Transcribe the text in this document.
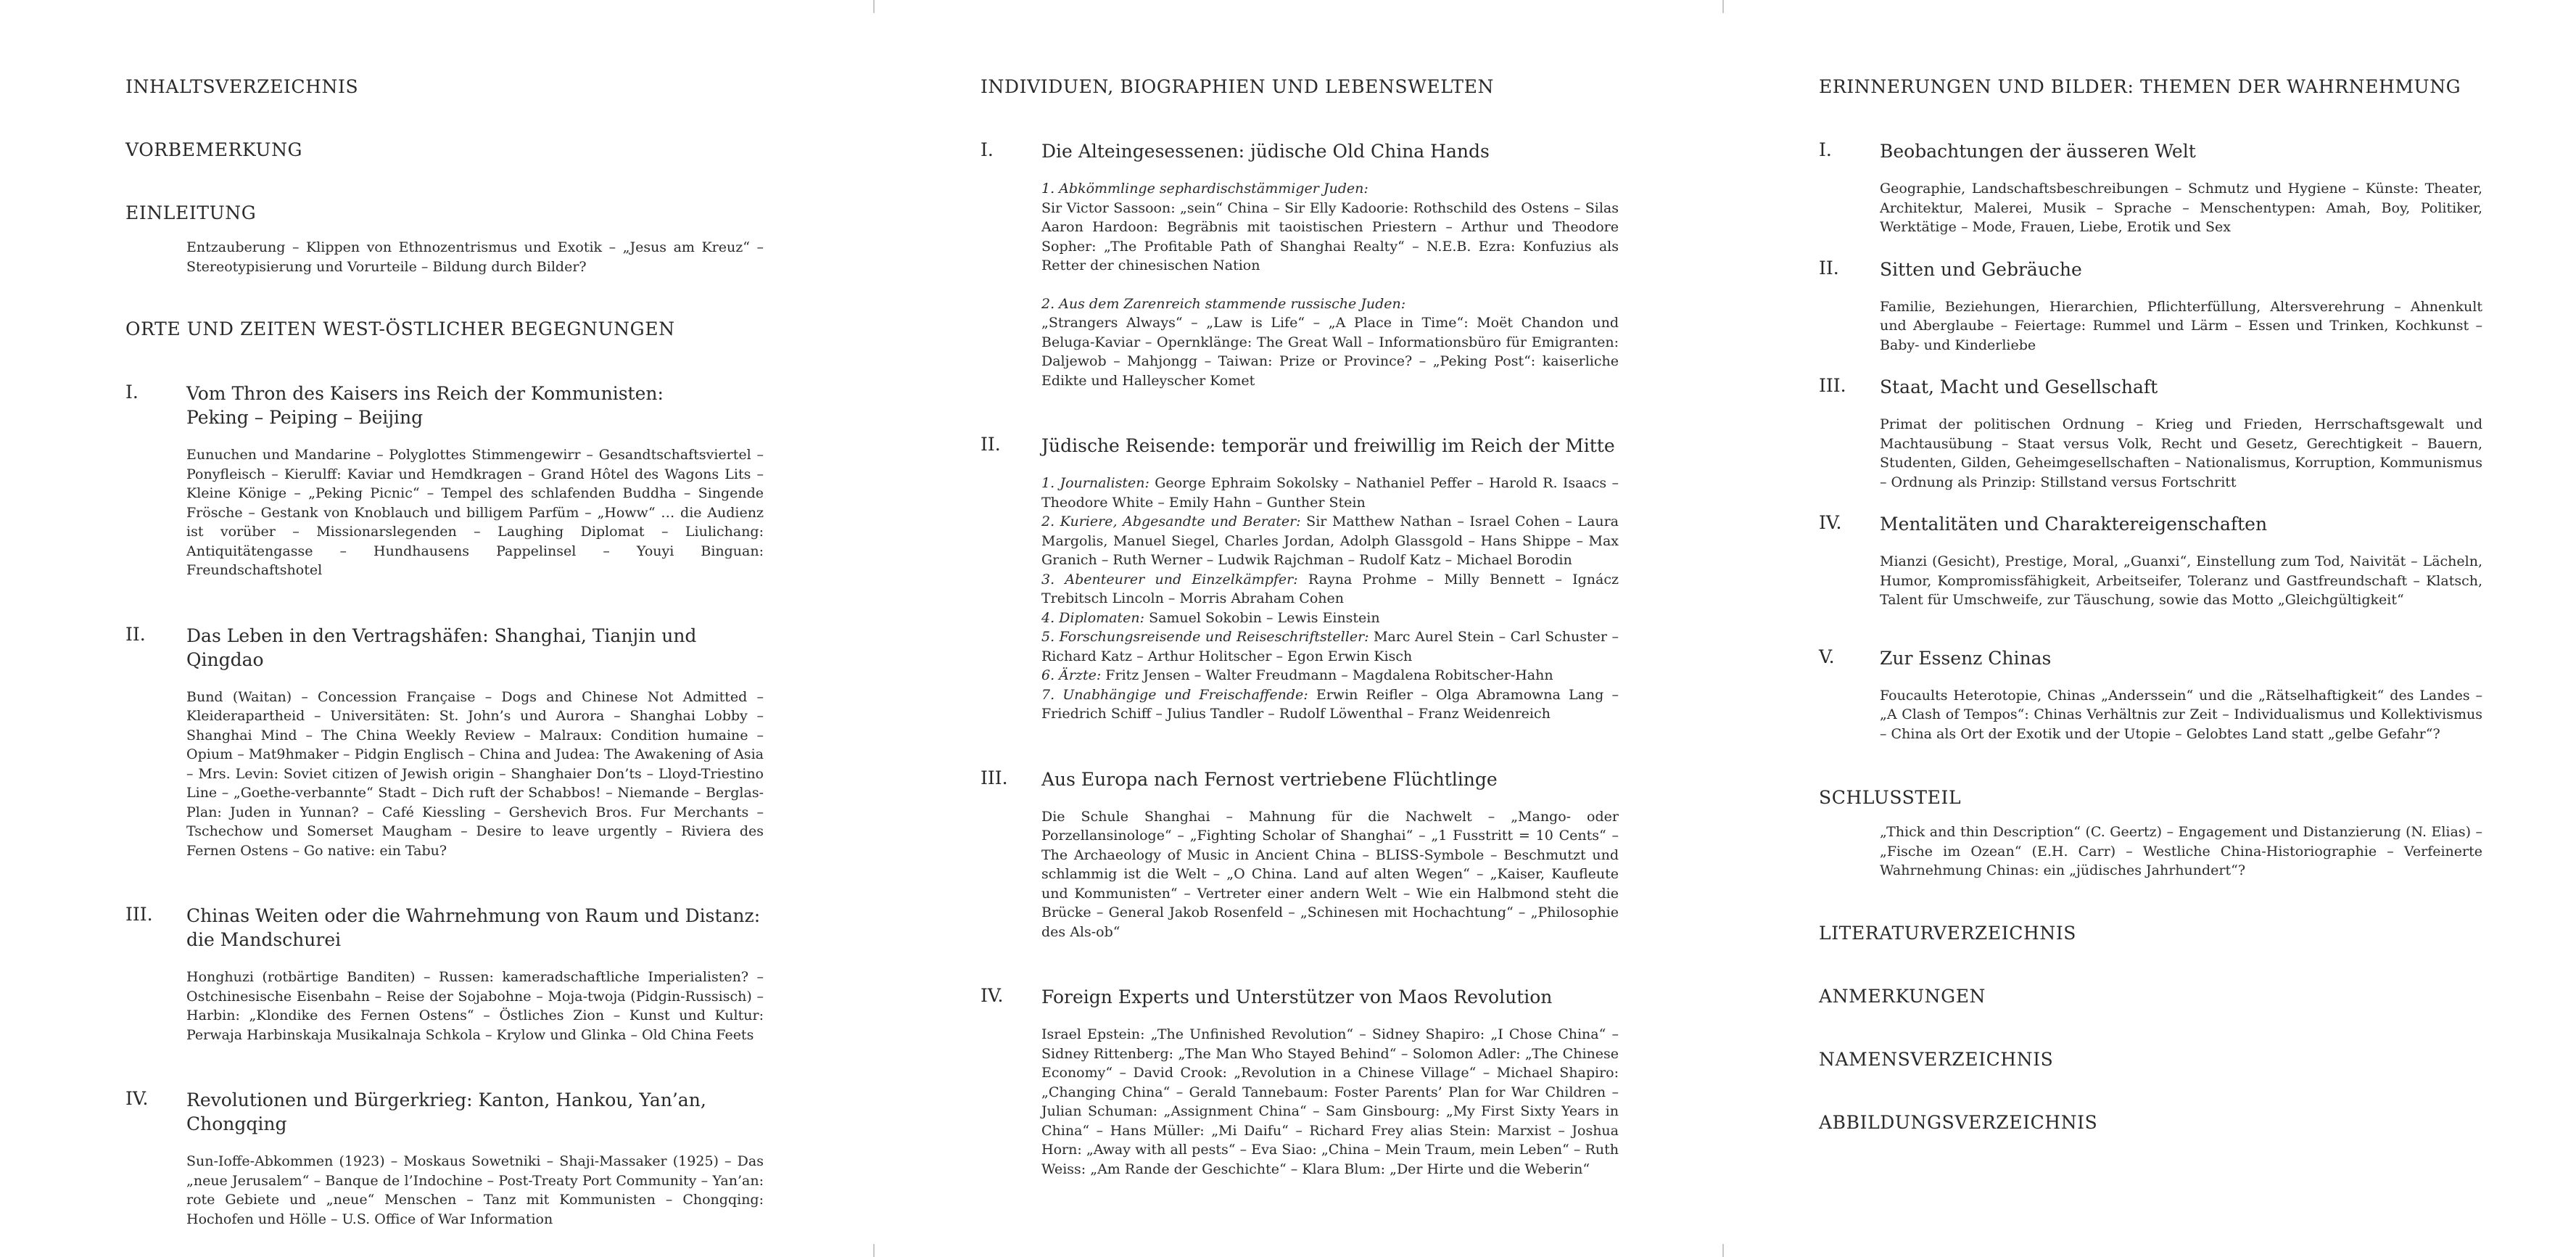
INHALTSVERZEICHNIS
VORBEMERKUNG
EINLEITUNG
Entzauberung – Klippen von Ethnozentrismus und Exotik – „Jesus am Kreuz“ – Stereotypisierung und Vorurteile – Bildung durch Bilder?
ORTE UND ZEITEN WEST-ÖSTLICHER BEGEGNUNGEN
I.	Vom Thron des Kaisers ins Reich der Kommunisten:
Peking – Peiping – Beijing
Eunuchen und Mandarine – Polyglottes Stimmengewirr – Gesandtschaftsviertel – Ponyfleisch – Kierulff: Kaviar und Hemdkragen – Grand Hôtel des Wagons Lits – Kleine Könige – „Peking Picnic“ – Tempel des schlafenden Buddha – Singende Frösche – Gestank von Knoblauch und billigem Parfüm – „Howw“ … die Audienz ist vorüber – Missionarslegenden – Laughing Diplomat – Liulichang: Antiquitätengasse – Hundhausens Pappelinsel – Youyi Binguan: Freundschaftshotel
II.	Das Leben in den Vertragshäfen: Shanghai, Tianjin und Qingdao
Bund (Waitan) – Concession Française – Dogs and Chinese Not Admitted – Kleiderapartheid – Universitäten: St. John’s und Aurora – Shanghai Lobby – Shanghai Mind – The China Weekly Review – Malraux: Condition humaine – Opium – Mat9hmaker – Pidgin Englisch – China and Judea: The Awakening of Asia – Mrs. Levin: Soviet citizen of Jewish origin – Shanghaier Don’ts – Lloyd-Triestino Line – „Goethe-verbannte“ Stadt – Dich ruft der Schabbos! – Niemande – Berglas-Plan: Juden in Yunnan? – Café Kiessling – Gershevich Bros. Fur Merchants – Tschechow und Somerset Maugham – Desire to leave urgently – Riviera des Fernen Ostens – Go native: ein Tabu?
III.	Chinas Weiten oder die Wahrnehmung von Raum und Distanz:
die Mandschurei
Honghuzi (rotbärtige Banditen) – Russen: kameradschaftliche Imperialisten? – Ostchinesische Eisenbahn – Reise der Sojabohne – Moja-twoja (Pidgin-Russisch) – Harbin: „Klondike des Fernen Ostens“ – Östliches Zion – Kunst und Kultur: Perwaja Harbinskaja Musikalnaja Schkola – Krylow und Glinka – Old China Feets
IV.	Revolutionen und Bürgerkrieg: Kanton, Hankou, Yan’an, Chongqing
Sun-Ioffe-Abkommen (1923) – Moskaus Sowetniki – Shaji-Massaker (1925) – Das „neue Jerusalem“ – Banque de l’Indochine – Post-Treaty Port Community – Yan’an: rote Gebiete und „neue“ Menschen – Tanz mit Kommunisten – Chongqing: Hochofen und Hölle – U.S. Office of War Information
INDIVIDUEN, BIOGRAPHIEN UND LEBENSWELTEN
I.	Die Alteingesessenen: jüdische Old China Hands

1. Abkömmlinge sephardischstämmiger Juden:

Sir Victor Sassoon: „sein“ China – Sir Elly Kadoorie: Rothschild des Ostens – Silas Aaron Hardoon: Begräbnis mit taoistischen Priestern – Arthur und Theodore Sopher: „The Profitable Path of Shanghai Realty“ – N.E.B. Ezra: Konfuzius als Retter der chinesischen Nation

2. Aus dem Zarenreich stammende russische Juden:

„Strangers Always“ – „Law is Life“ – „A Place in Time“: Moët Chandon und Beluga-Kaviar – Opernklänge: The Great Wall – Informationsbüro für Emigranten: Daljewob – Mahjongg – Taiwan: Prize or Province? – „Peking Post“: kaiserliche Edikte und Halleyscher Komet

II.	Jüdische Reisende: temporär und freiwillig im Reich der Mitte

1. Journalisten: George Ephraim Sokolsky – Nathaniel Peffer – Harold R. Isaacs – Theodore White – Emily Hahn – Gunther Stein

2. Kuriere, Abgesandte und Berater: Sir Matthew Nathan – Israel Cohen – Laura Margolis, Manuel Siegel, Charles Jordan, Adolph Glassgold – Hans Shippe – Max Granich – Ruth Werner – Ludwik Rajchman – Rudolf Katz – Michael Borodin

3. Abenteurer und Einzelkämpfer: Rayna Prohme – Milly Bennett – Ignácz Trebitsch Lincoln – Morris Abraham Cohen

4. Diplomaten: Samuel Sokobin – Lewis Einstein

5. Forschungsreisende und Reiseschriftsteller: Marc Aurel Stein – Carl Schuster – Richard Katz – Arthur Holitscher – Egon Erwin Kisch

6. Ärzte: Fritz Jensen – Walter Freudmann – Magdalena Robitscher-Hahn

7. Unabhängige und Freischaffende: Erwin Reifler – Olga Abramowna Lang – Friedrich Schiff – Julius Tandler – Rudolf Löwenthal – Franz Weidenreich

III.	Aus Europa nach Fernost vertriebene Flüchtlinge
Die Schule Shanghai – Mahnung für die Nachwelt – „Mango- oder Porzellansinologe“ – „Fighting Scholar of Shanghai“ – „1 Fusstritt = 10 Cents“ – The Archaeology of Music in Ancient China – BLISS-Symbole – Beschmutzt und schlammig ist die Welt – „O China. Land auf alten Wegen“ – „Kaiser, Kaufleute und Kommunisten“ – Vertreter einer andern Welt – Wie ein Halbmond steht die Brücke – General Jakob Rosenfeld – „Schinesen mit Hochachtung“ – „Philosophie des Als-ob“
IV.	Foreign Experts und Unterstützer von Maos Revolution
Israel Epstein: „The Unfinished Revolution“ – Sidney Shapiro: „I Chose China“ – Sidney Rittenberg: „The Man Who Stayed Behind“ – Solomon Adler: „The Chinese Economy“ – David Crook: „Revolution in a Chinese Village“ – Michael Shapiro: „Changing China“ – Gerald Tannebaum: Foster Parents’ Plan for War Children – Julian Schuman: „Assignment China“ – Sam Ginsbourg: „My First Sixty Years in China“ – Hans Müller: „Mi Daifu“ – Richard Frey alias Stein: Marxist – Joshua Horn: „Away with all pests“ – Eva Siao: „China – Mein Traum, mein Leben“ – Ruth Weiss: „Am Rande der Geschichte“ – Klara Blum: „Der Hirte und die Weberin“
ERINNERUNGEN UND BILDER: THEMEN DER WAHRNEHMUNG
I.	Beobachtungen der äusseren Welt
Geographie, Landschaftsbeschreibungen – Schmutz und Hygiene – Künste: Theater, Architektur, Malerei, Musik – Sprache – Menschentypen: Amah, Boy, Politiker, Werktätige – Mode, Frauen, Liebe, Erotik und Sex
II.	Sitten und Gebräuche
Familie, Beziehungen, Hierarchien, Pflichterfüllung, Altersverehrung – Ahnenkult und Aberglaube – Feiertage: Rummel und Lärm – Essen und Trinken, Kochkunst – Baby- und Kinderliebe
III.	Staat, Macht und Gesellschaft
Primat der politischen Ordnung – Krieg und Frieden, Herrschaftsgewalt und Machtausübung – Staat versus Volk, Recht und Gesetz, Gerechtigkeit – Bauern, Studenten, Gilden, Geheimgesellschaften – Nationalismus, Korruption, Kommunismus – Ordnung als Prinzip: Stillstand versus Fortschritt
IV.	Mentalitäten und Charaktereigenschaften
Mianzi (Gesicht), Prestige, Moral, „Guanxi“, Einstellung zum Tod, Naivität – Lächeln, Humor, Kompromissfähigkeit, Arbeitseifer, Toleranz und Gastfreundschaft – Klatsch, Talent für Umschweife, zur Täuschung, sowie das Motto „Gleichgültigkeit“
V.	Zur Essenz Chinas
Foucaults Heterotopie, Chinas „Anderssein“ und die „Rätselhaftigkeit“ des Landes – „A Clash of Tempos“: Chinas Verhältnis zur Zeit – Individualismus und Kollektivismus – China als Ort der Exotik und der Utopie – Gelobtes Land statt „gelbe Gefahr“?
SCHLUSSTEIL
„Thick and thin Description“ (C. Geertz) – Engagement und Distanzierung (N. Elias) – „Fische im Ozean“ (E.H. Carr) – Westliche China-Historiographie – Verfeinerte Wahrnehmung Chinas: ein „jüdisches Jahrhundert“?
LITERATURVERZEICHNIS
ANMERKUNGEN
NAMENSVERZEICHNIS
ABBILDUNGSVERZEICHNIS
